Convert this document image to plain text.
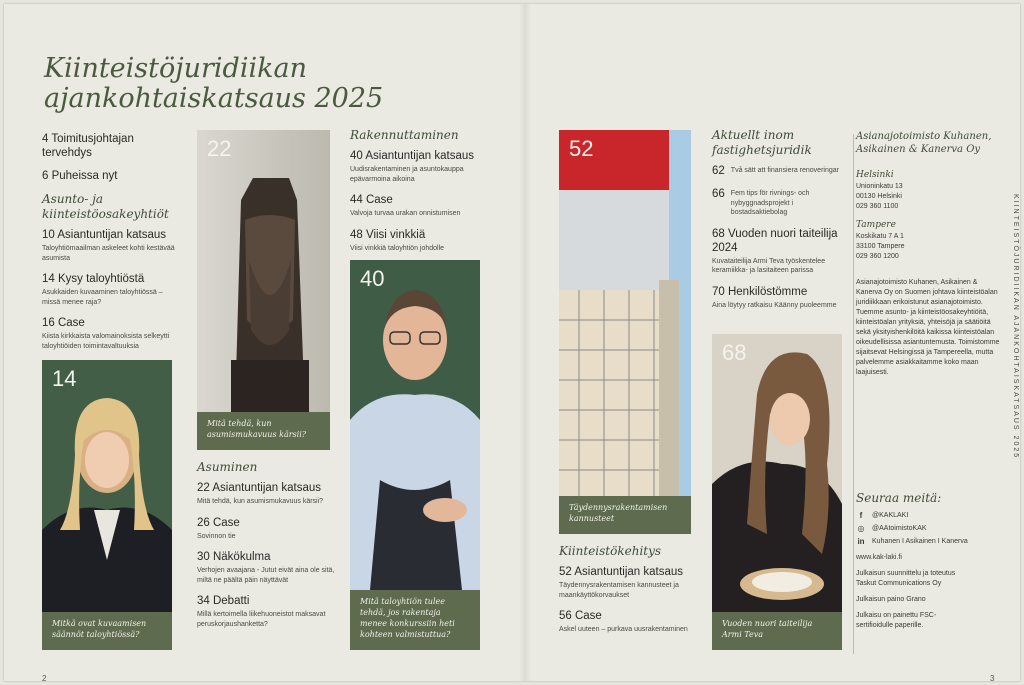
Kiinteistöjuridiikan
ajankohtaiskatsaus 2025
4 Toimitusjohtajan tervehdys
6 Puheissa nyt
Asunto- ja kiinteistöosakeyhtiöt
10 Asiantuntijan katsaus
Taloyhtiömaailman askeleet kohti kestävää asumista
14 Kysy taloyhtiöstä
Asukkaiden kuvaaminen taloyhtiössä – missä menee raja?
16 Case
Kiista kirkkaista valomainoksista selkeytti taloyhtiöiden toimintavaltuuksia
14
Mitkä ovat kuvaamisen säännöt taloyhtiössä?
22
Mitä tehdä, kun asumismukavuus kärsii?
Asuminen
22 Asiantuntijan katsaus
Mitä tehdä, kun asumismukavuus kärsii?
26 Case
Sovinnon tie
30 Näkökulma
Verhojen avaajana - Jutut eivät aina ole sitä, miltä ne päältä päin näyttävät
34 Debatti
Millä kertoimella liikehuoneistot maksavat peruskorjaushanketta?
Rakennuttaminen
40 Asiantuntijan katsaus
Uudisrakentaminen ja asuntokauppa epävarmoina aikoina
44 Case
Valvoja turvaa urakan onnistumisen
48 Viisi vinkkiä
Viisi vinkkiä taloyhtiön johdolle
40
Mitä taloyhtiön tulee tehdä, jos rakentaja menee konkurssiin heti kohteen valmistuttua?
52
Täydennysrakentamisen kannusteet
Kiinteistökehitys
52 Asiantuntijan katsaus
Täydennysrakentamisen kannusteet ja maankäyttökorvaukset
56 Case
Askel uuteen – purkava uusrakentaminen
Aktuellt inom fastighetsjuridik
62 Två sätt att finansiera renoveringar
66 Fem tips för rivnings- och nybyggnadsprojekt i bostadsaktiebolag
68 Vuoden nuori taiteilija 2024
Kuvataiteilija Armi Teva työskentelee keramiikka- ja lasitaiteen parissa
70 Henkilöstömme
Aina löytyy ratkaisu Käänny puoleemme
68
Vuoden nuori taiteilija Armi Teva
Asianajotoimisto Kuhanen, Asikainen & Kanerva Oy
Helsinki
Unioninkatu 13
00130 Helsinki
029 360 1100
Tampere
Koskikatu 7 A 1
33100 Tampere
029 360 1200
Asianajotoimisto Kuhanen, Asikainen & Kanerva Oy on Suomen johtava kiinteistöalan juridiikkaan erikoistunut asianajotoimisto. Tuemme asunto- ja kiinteistöosakeyhtiöitä, kiinteistöalan yrityksiä, yhteisöjä ja säätiöitä sekä yksityishenkilöitä kaikissa kiinteistöalan oikeudellisissa asiantuntemusta. Toimistomme sijaitsevat Helsingissä ja Tampereella, mutta palvelemme asiakkaitamme koko maan laajuisesti.
Seuraa meitä:
f	@KAKLAKI
◎ @AAtoimistoKAK
in Kuhanen I Asikainen I Kanerva
www.kak-laki.fi
Julkaisun suunnittelu ja toteutus Taskut Communications Oy
Julkaisun paino Grano
Julkaisu on painettu FSC-sertifioidulle paperille.
KIINTEISTÖJURIDIIKAN AJANKOHTAISKATSAUS 2025
2	3
